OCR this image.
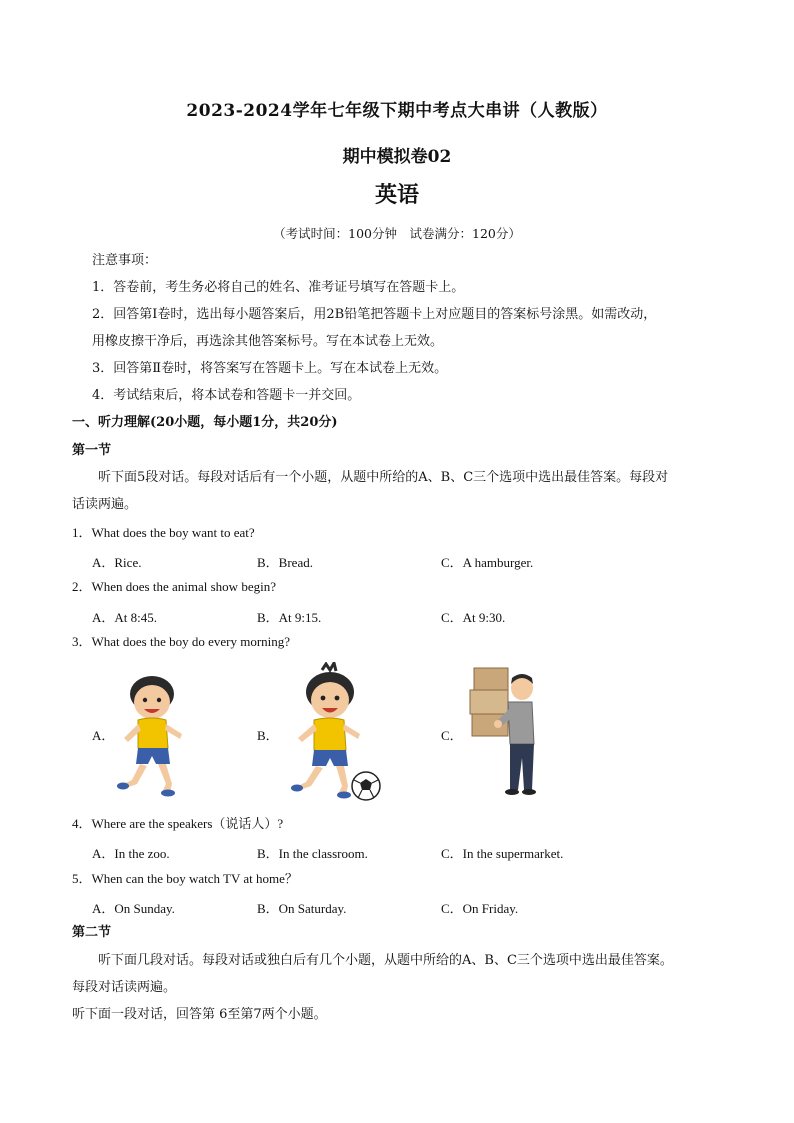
2023-2024学年七年级下期中考点大串讲（人教版）
期中模拟卷02
英语
（考试时间：100分钟　试卷满分：120分）
注意事项：
1．答卷前，考生务必将自己的姓名、准考证号填写在答题卡上。
2．回答第Ⅰ卷时，选出每小题答案后，用2B铅笔把答题卡上对应题目的答案标号涂黑。如需改动，
用橡皮擦干净后，再选涂其他答案标号。写在本试卷上无效。
3．回答第Ⅱ卷时，将答案写在答题卡上。写在本试卷上无效。
4．考试结束后，将本试卷和答题卡一并交回。
一、听力理解(20小题，每小题1分，共20分)
第一节
听下面5段对话。每段对话后有一个小题，从题中所给的A、B、C三个选项中选出最佳答案。每段对
话读两遍。
1．What does the boy want to eat?
A．Rice.	B．Bread.	C．A hamburger.
2．When does the animal show begin?
A．At 8:45.	B．At 9:15.	C．At 9:30.
3．What does the boy do every morning?
A．	B．	C．
4．Where are the speakers（说话人）?
A．In the zoo.	B．In the classroom.	C．In the supermarket.
5．When can the boy watch TV at home？
A．On Sunday.	B．On Saturday.	C．On Friday.
第二节
听下面几段对话。每段对话或独白后有几个小题，从题中所给的A、B、C三个选项中选出最佳答案。
每段对话读两遍。
听下面一段对话，回答第 6至第7两个小题。
